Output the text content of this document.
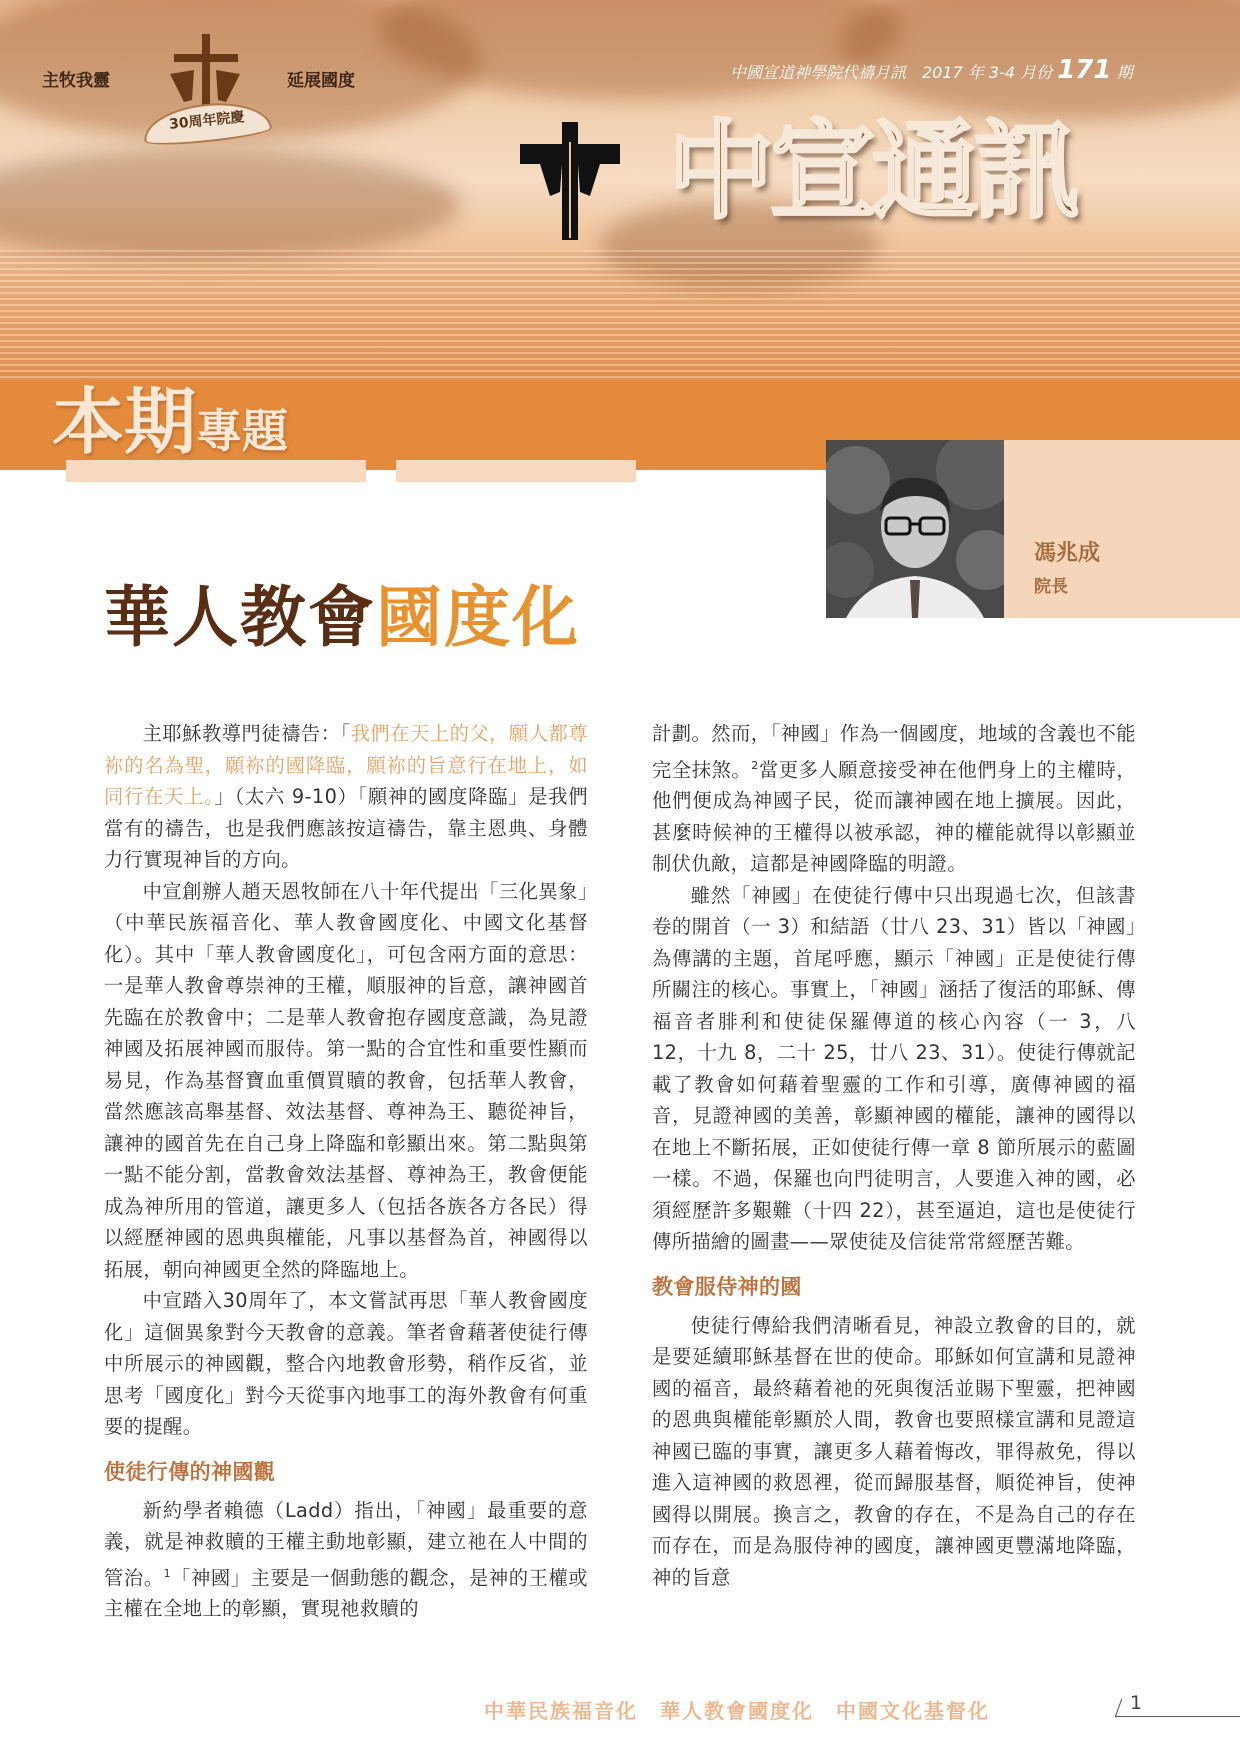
主牧我靈
30周年院慶
延展國度	中國宣道神學院代禱月訊　2017 年 3-4 月份 171 期
中宣通訊
本期專題
馮兆成
院長
華人教會國度化

主耶穌教導門徒禱告：「我們在天上的父，願人都尊祢的名為聖，願祢的國降臨，願祢的旨意行在地上，如同行在天上。」（太六 9-10）「願神的國度降臨」是我們當有的禱告，也是我們應該按這禱告，靠主恩典、身體力行實現神旨的方向。

中宣創辦人趙天恩牧師在八十年代提出「三化異象」（中華民族福音化、華人教會國度化、中國文化基督化）。其中「華人教會國度化」，可包含兩方面的意思：一是華人教會尊崇神的王權，順服神的旨意，讓神國首先臨在於教會中；二是華人教會抱存國度意識，為見證神國及拓展神國而服侍。第一點的合宜性和重要性顯而易見，作為基督寶血重價買贖的教會，包括華人教會，當然應該高舉基督、效法基督、尊神為王、聽從神旨，讓神的國首先在自己身上降臨和彰顯出來。第二點與第一點不能分割，當教會效法基督、尊神為王，教會便能成為神所用的管道，讓更多人（包括各族各方各民）得以經歷神國的恩典與權能，凡事以基督為首，神國得以拓展，朝向神國更全然的降臨地上。

中宣踏入30周年了，本文嘗試再思「華人教會國度化」這個異象對今天教會的意義。筆者會藉著使徒行傳中所展示的神國觀，整合內地教會形勢，稍作反省，並思考「國度化」對今天從事內地事工的海外教會有何重要的提醒。

使徒行傳的神國觀

新約學者賴德（Ladd）指出，「神國」最重要的意義，就是神救贖的王權主動地彰顯，建立祂在人中間的管治。$^1$「神國」主要是一個動態的觀念，是神的王權或主權在全地上的彰顯，實現祂救贖的

計劃。然而，「神國」作為一個國度，地域的含義也不能完全抹煞。$^2$當更多人願意接受神在他們身上的主權時，他們便成為神國子民，從而讓神國在地上擴展。因此，甚麼時候神的王權得以被承認，神的權能就得以彰顯並制伏仇敵，這都是神國降臨的明證。

雖然「神國」在使徒行傳中只出現過七次，但該書卷的開首（一 3）和結語（廿八 23、31）皆以「神國」為傳講的主題，首尾呼應，顯示「神國」正是使徒行傳所關注的核心。事實上，「神國」涵括了復活的耶穌、傳福音者腓利和使徒保羅傳道的核心內容（一 3，八 12，十九 8，二十 25，廿八 23、31）。使徒行傳就記載了教會如何藉着聖靈的工作和引導，廣傳神國的福音，見證神國的美善，彰顯神國的權能，讓神的國得以在地上不斷拓展，正如使徒行傳一章 8 節所展示的藍圖一樣。不過，保羅也向門徒明言，人要進入神的國，必須經歷許多艱難（十四 22），甚至逼迫，這也是使徒行傳所描繪的圖畫——眾使徒及信徒常常經歷苦難。

教會服侍神的國

使徒行傳給我們清晰看見，神設立教會的目的，就是要延續耶穌基督在世的使命。耶穌如何宣講和見證神國的福音，最終藉着祂的死與復活並賜下聖靈，把神國的恩典與權能彰顯於人間，教會也要照樣宣講和見證這神國已臨的事實，讓更多人藉着悔改，罪得赦免，得以進入這神國的救恩裡，從而歸服基督，順從神旨，使神國得以開展。換言之，教會的存在，不是為自己的存在而存在，而是為服侍神的國度，讓神國更豐滿地降臨，神的旨意

中華民族福音化　華人教會國度化　中國文化基督化	1
